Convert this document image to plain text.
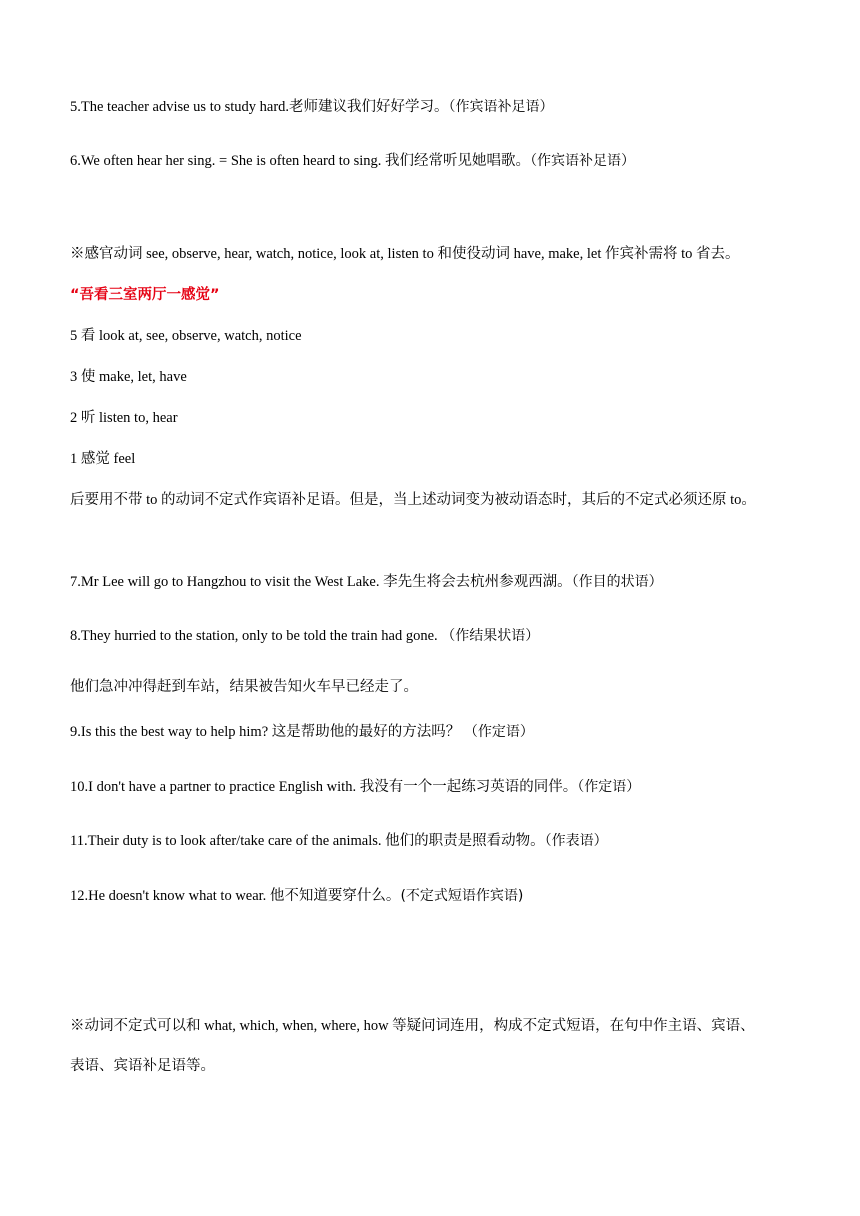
5.The teacher advise us to study hard.老师建议我们好好学习。（作宾语补足语）
6.We often hear her sing. = She is often heard to sing. 我们经常听见她唱歌。（作宾语补足语）
※感官动词 see, observe, hear, watch, notice, look at, listen to 和使役动词 have, make, let 作宾补需将 to 省去。
“吾看三室两厅一感觉”
5 看 look at, see, observe, watch, notice
3 使 make, let, have
2 听 listen to, hear
1 感觉 feel
后要用不带 to 的动词不定式作宾语补足语。但是，当上述动词变为被动语态时，其后的不定式必须还原 to。
7.Mr Lee will go to Hangzhou to visit the West Lake. 李先生将会去杭州参观西湖。（作目的状语）
8.They hurried to the station, only to be told the train had gone. （作结果状语）
他们急冲冲得赶到车站，结果被告知火车早已经走了。
9.Is this the best way to help him? 这是帮助他的最好的方法吗？ （作定语）
10.I don't have a partner to practice English with. 我没有一个一起练习英语的同伴。（作定语）
11.Their duty is to look after/take care of the animals. 他们的职责是照看动物。（作表语）
12.He doesn't know what to wear. 他不知道要穿什么。(不定式短语作宾语)
※动词不定式可以和 what, which, when, where, how 等疑问词连用，构成不定式短语，在句中作主语、宾语、
表语、宾语补足语等。
